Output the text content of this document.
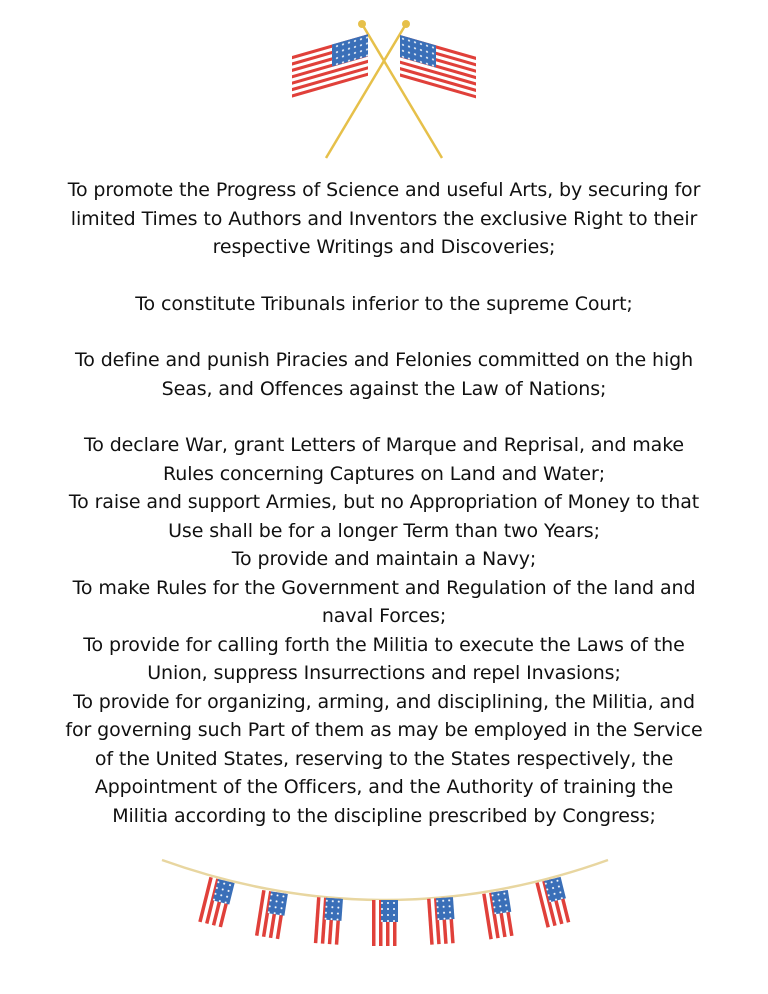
To promote the Progress of Science and useful Arts, by securing for
limited Times to Authors and Inventors the exclusive Right to their
respective Writings and Discoveries;

To constitute Tribunals inferior to the supreme Court;

To define and punish Piracies and Felonies committed on the high
Seas, and Offences against the Law of Nations;

To declare War, grant Letters of Marque and Reprisal, and make
Rules concerning Captures on Land and Water;
To raise and support Armies, but no Appropriation of Money to that
Use shall be for a longer Term than two Years;
To provide and maintain a Navy;
To make Rules for the Government and Regulation of the land and
naval Forces;
To provide for calling forth the Militia to execute the Laws of the
Union, suppress Insurrections and repel Invasions;
To provide for organizing, arming, and disciplining, the Militia, and
for governing such Part of them as may be employed in the Service
of the United States, reserving to the States respectively, the
Appointment of the Officers, and the Authority of training the
Militia according to the discipline prescribed by Congress;
